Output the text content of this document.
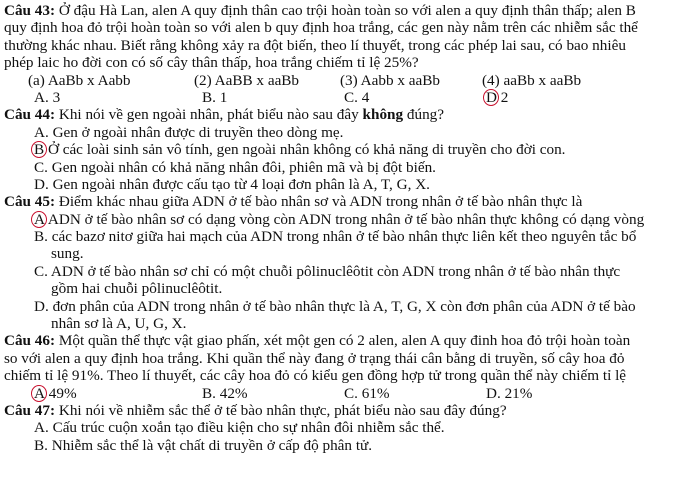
Câu 43: Ở đậu Hà Lan, alen A quy định thân cao trội hoàn toàn so với alen a quy định thân thấp; alen B
quy định hoa đỏ trội hoàn toàn so với alen b quy định hoa trắng, các gen này nằm trên các nhiễm sắc thể
thường khác nhau. Biết rằng không xảy ra đột biến, theo lí thuyết, trong các phép lai sau, có bao nhiêu
phép laic ho đời con có số cây thân thấp, hoa trắng chiếm tỉ lệ 25%?
(a) AaBb x Aabb	(2) AaBB x aaBb	(3) Aabb x aaBb	(4) aaBb x aaBb
A. 3	B. 1	C. 4	D 2
Câu 44: Khi nói về gen ngoài nhân, phát biểu nào sau đây không đúng?
A. Gen ở ngoài nhân được di truyền theo dòng mẹ.
B Ở các loài sinh sản vô tính, gen ngoài nhân không có khả năng di truyền cho đời con.
C. Gen ngoài nhân có khả năng nhân đôi, phiên mã và bị đột biến.
D. Gen ngoài nhân được cấu tạo từ 4 loại đơn phân là A, T, G, X.
Câu 45: Điểm khác nhau giữa ADN ở tế bào nhân sơ và ADN trong nhân ở tế bào nhân thực là
A ADN ở tế bào nhân sơ có dạng vòng còn ADN trong nhân ở tế bào nhân thực không có dạng vòng
B. các bazơ nitơ giữa hai mạch của ADN trong nhân ở tế bào nhân thực liên kết theo nguyên tắc bổ
sung.
C. ADN ở tế bào nhân sơ chỉ có một chuỗi pôlinuclêôtit còn ADN trong nhân ở tế bào nhân thực
gồm hai chuỗi pôlinuclêôtit.
D. đơn phân của ADN trong nhân ở tế bào nhân thực là A, T, G, X còn đơn phân của ADN ở tế bào
nhân sơ là A, U, G, X.
Câu 46: Một quần thể thực vật giao phấn, xét một gen có 2 alen, alen A quy đinh hoa đỏ trội hoàn toàn
so với alen a quy định hoa trắng. Khi quần thể này đang ở trạng thái cân bằng di truyền, số cây hoa đỏ
chiếm tỉ lệ 91%. Theo lí thuyết, các cây hoa đỏ có kiểu gen đồng hợp tử trong quần thể này chiếm tỉ lệ
A 49%	B. 42%	C. 61%	D. 21%
Câu 47: Khi nói về nhiễm sắc thể ở tế bào nhân thực, phát biểu nào sau đây đúng?
A. Cấu trúc cuộn xoắn tạo điều kiện cho sự nhân đôi nhiễm sắc thể.
B. Nhiễm sắc thể là vật chất di truyền ở cấp độ phân tử.
